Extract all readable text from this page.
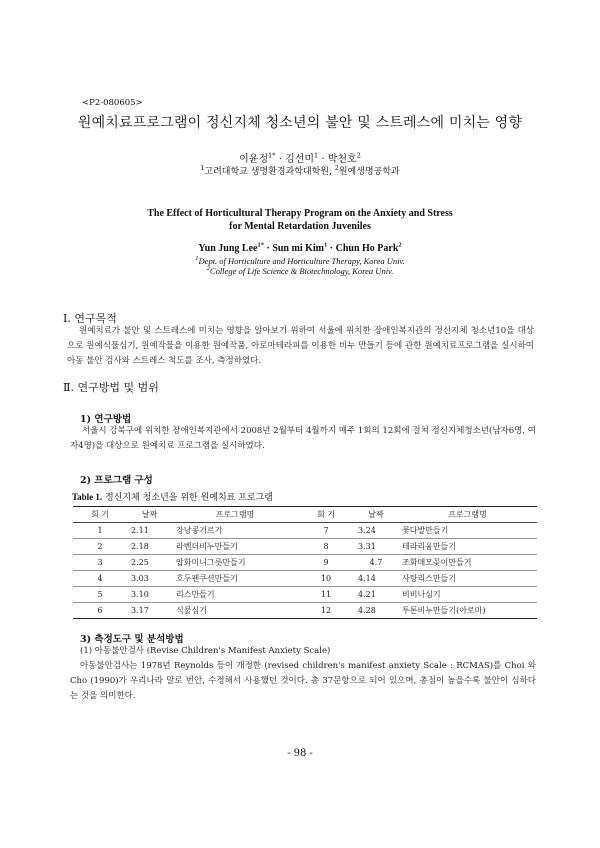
<P2-080605>
원예치료프로그램이 정신지체 청소년의 불안 및 스트레스에 미치는 영향
이윤정$^{1*}$ · 김선미$^1$ · 박천호$^2$
$^1$고려대학교 생명환경과학대학원, $^2$원예생명공학과
The Effect of Horticultural Therapy Program on the Anxiety and Stress
for Mental Retardation Juveniles
Yun Jung Lee$^{1*}$ · Sun mi Kim$^1$ · Chun Ho Park$^2$
$^1$Dept. of Horticulture and Horticulture Therapy, Korea Univ.
$^2$College of Life Science & Biotechnology, Korea Univ.
Ⅰ. 연구목적
원예치료가 불안 및 스트레스에 미치는 영향을 알아보기 위하여 서울에 위치한 장애인복지관의 정신지체 청소년10을 대상으로 원예식물심기, 원예작물을 이용한 원예작품, 아로마테라피를 이용한 비누 만들기 등에 관한 원예치료프로그램을 실시하여 아동 불안 검사와 스트레스 척도를 조사, 측정하였다.
Ⅱ. 연구방법 및 범위
1) 연구방법
서울시 강북구에 위치한 장애인복지관에서 2008년 2월부터 4월까지 매주 1회의 12회에 걸쳐 정신지체청소년(남자6명, 여자4명)을 대상으로 원예치료 프로그램을 실시하였다.
2) 프로그램 구성
Table 1. 정신지체 청소년을 위한 원예치료 프로그램
회 기	날짜	프로그램명	회 기	날짜	프로그램명
1	2.11	강낭콩기르기	7	3.24	꽃다발만들기
2	2.18	라벤더비누만들기	8	3.31	테라리움만들기
3	2.25	압화미니그릇만들기	9	4.7	조화매모꽂이만들기
4	3.03	호두펜쿠션만들기	10	4.14	사탕리스만들기
5	3.10	리스만들기	11	4.21	비비나심기
6	3.17	식물심기	12	4.28	투톤비누만들기(아로마)
3) 측정도구 및 분석방법
(1) 아동불안검사 (Revise Children's Manifest Anxiety Scale)
아동불안검사는 1978년 Reynolds 등이 개정한 (revised children's manifest anxiety Scale : RCMAS)를 Choi 와 Cho (1990)가 우리나라 말로 번안, 수정해서 사용했던 것이다. 총 37문항으로 되어 있으며, 총점이 높을수록 불안이 심하다는 것을 의미한다.
- 98 -
